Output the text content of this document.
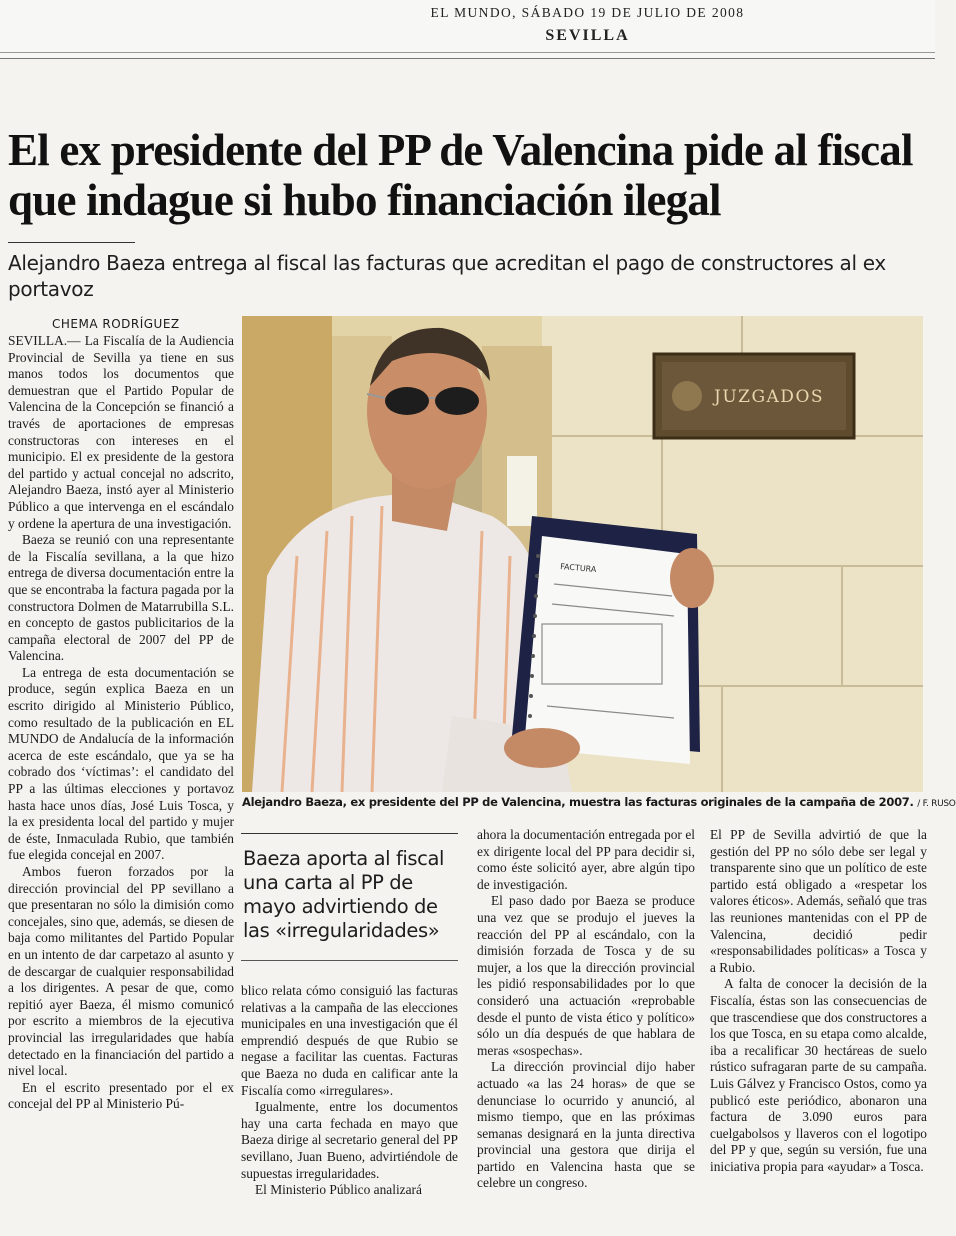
EL MUNDO, SÁBADO 19 DE JULIO DE 2008
SEVILLA
El ex presidente del PP de Valencina pide al fiscal que indague si hubo financiación ilegal
Alejandro Baeza entrega al fiscal las facturas que acreditan el pago de constructores al ex portavoz
CHEMA RODRÍGUEZ

SEVILLA.— La Fiscalía de la Audiencia Provincial de Sevilla ya tiene en sus manos todos los documentos que demuestran que el Partido Popular de Valencina de la Concepción se financió a través de aportaciones de empresas constructoras con intereses en el municipio. El ex presidente de la gestora del partido y actual concejal no adscrito, Alejandro Baeza, instó ayer al Ministerio Público a que intervenga en el escándalo y ordene la apertura de una investigación.

Baeza se reunió con una representante de la Fiscalía sevillana, a la que hizo entrega de diversa documentación entre la que se encontraba la factura pagada por la constructora Dolmen de Matarrubilla S.L. en concepto de gastos publicitarios de la campaña electoral de 2007 del PP de Valencina.

La entrega de esta documentación se produce, según explica Baeza en un escrito dirigido al Ministerio Público, como resultado de la publicación en EL MUNDO de Andalucía de la información acerca de este escándalo, que ya se ha cobrado dos ‘víctimas’: el candidato del PP a las últimas elecciones y portavoz hasta hace unos días, José Luis Tosca, y la ex presidenta local del partido y mujer de éste, Inmaculada Rubio, que también fue elegida concejal en 2007.

Ambos fueron forzados por la dirección provincial del PP sevillano a que presentaran no sólo la dimisión como concejales, sino que, además, se diesen de baja como militantes del Partido Popular en un intento de dar carpetazo al asunto y de descargar de cualquier responsabilidad a los dirigentes. A pesar de que, como repitió ayer Baeza, él mismo comunicó por escrito a miembros de la ejecutiva provincial las irregularidades que había detectado en la financiación del partido a nivel local.

En el escrito presentado por el ex concejal del PP al Ministerio Pú-

JUZGADOS
FACTURA
Alejandro Baeza, ex presidente del PP de Valencina, muestra las facturas originales de la campaña de 2007. / F. RUSO
Baeza aporta al fiscal una carta al PP de mayo advirtiendo de las «irregularidades»

blico relata cómo consiguió las facturas relativas a la campaña de las elecciones municipales en una investigación que él emprendió después de que Rubio se negase a facilitar las cuentas. Facturas que Baeza no duda en calificar ante la Fiscalía como «irregulares».

Igualmente, entre los documentos hay una carta fechada en mayo que Baeza dirige al secretario general del PP sevillano, Juan Bueno, advirtiéndole de supuestas irregularidades.

El Ministerio Público analizará

ahora la documentación entregada por el ex dirigente local del PP para decidir si, como éste solicitó ayer, abre algún tipo de investigación.

El paso dado por Baeza se produce una vez que se produjo el jueves la reacción del PP al escándalo, con la dimisión forzada de Tosca y de su mujer, a los que la dirección provincial les pidió responsabilidades por lo que consideró una actuación «reprobable desde el punto de vista ético y político» sólo un día después de que hablara de meras «sospechas».

La dirección provincial dijo haber actuado «a las 24 horas» de que se denunciase lo ocurrido y anunció, al mismo tiempo, que en las próximas semanas designará en la junta directiva provincial una gestora que dirija el partido en Valencina hasta que se celebre un congreso.

El PP de Sevilla advirtió de que la gestión del PP no sólo debe ser legal y transparente sino que un político de este partido está obligado a «respetar los valores éticos». Además, señaló que tras las reuniones mantenidas con el PP de Valencina, decidió pedir «responsabilidades políticas» a Tosca y a Rubio.

A falta de conocer la decisión de la Fiscalía, éstas son las consecuencias de que trascendiese que dos constructores a los que Tosca, en su etapa como alcalde, iba a recalificar 30 hectáreas de suelo rústico sufragaran parte de su campaña. Luis Gálvez y Francisco Ostos, como ya publicó este periódico, abonaron una factura de 3.090 euros para cuelgabolsos y llaveros con el logotipo del PP y que, según su versión, fue una iniciativa propia para «ayudar» a Tosca.
